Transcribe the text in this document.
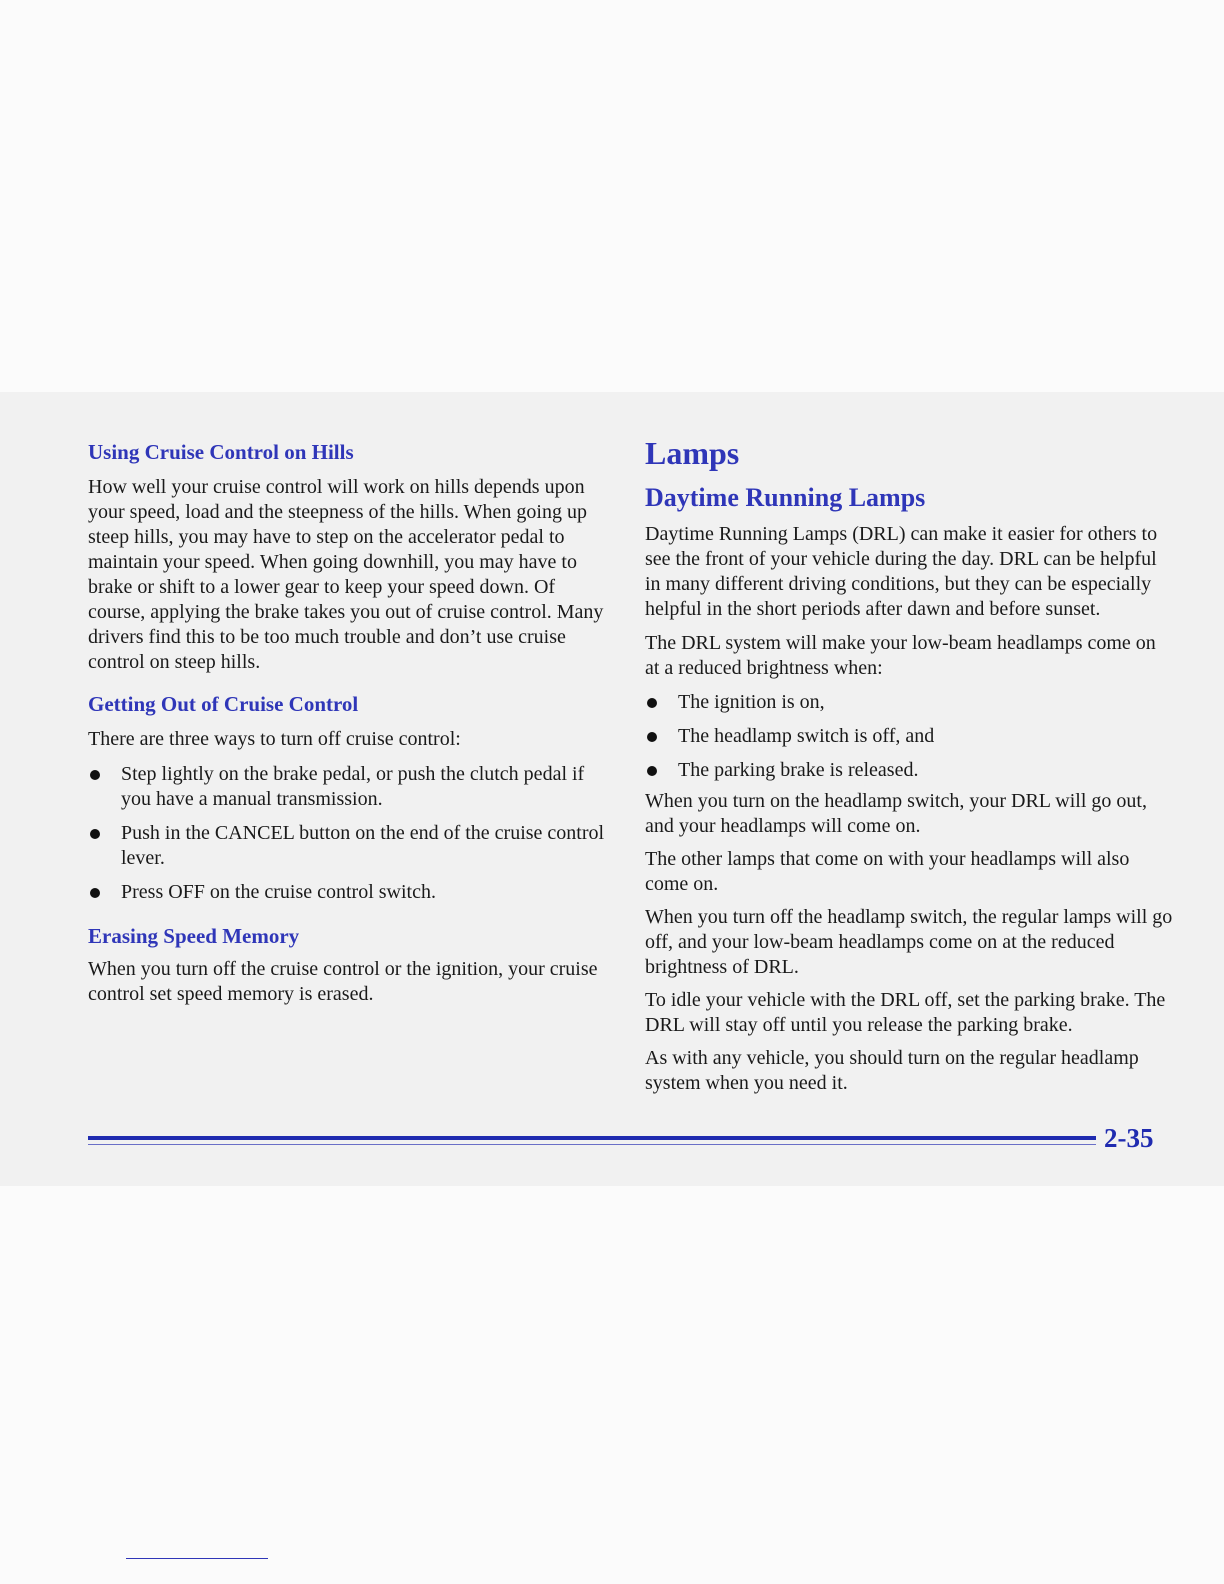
Using Cruise Control on Hills

How well your cruise control will work on hills depends upon your speed, load and the steepness of the hills. When going up steep hills, you may have to step on the accelerator pedal to maintain your speed. When going downhill, you may have to brake or shift to a lower gear to keep your speed down. Of course, applying the brake takes you out of cruise control. Many drivers find this to be too much trouble and don’t use cruise control on steep hills.

Getting Out of Cruise Control

There are three ways to turn off cruise control:

Step lightly on the brake pedal, or push the clutch pedal if you have a manual transmission.
Push in the CANCEL button on the end of the cruise control lever.
Press OFF on the cruise control switch.
Erasing Speed Memory

When you turn off the cruise control or the ignition, your cruise control set speed memory is erased.

Lamps
Daytime Running Lamps

Daytime Running Lamps (DRL) can make it easier for others to see the front of your vehicle during the day. DRL can be helpful in many different driving conditions, but they can be especially helpful in the short periods after dawn and before sunset.

The DRL system will make your low-beam headlamps come on at a reduced brightness when:

The ignition is on,
The headlamp switch is off, and
The parking brake is released.

When you turn on the headlamp switch, your DRL will go out, and your headlamps will come on.

The other lamps that come on with your headlamps will also come on.

When you turn off the headlamp switch, the regular lamps will go off, and your low-beam headlamps come on at the reduced brightness of DRL.

To idle your vehicle with the DRL off, set the parking brake. The DRL will stay off until you release the parking brake.

As with any vehicle, you should turn on the regular headlamp system when you need it.

2-35
